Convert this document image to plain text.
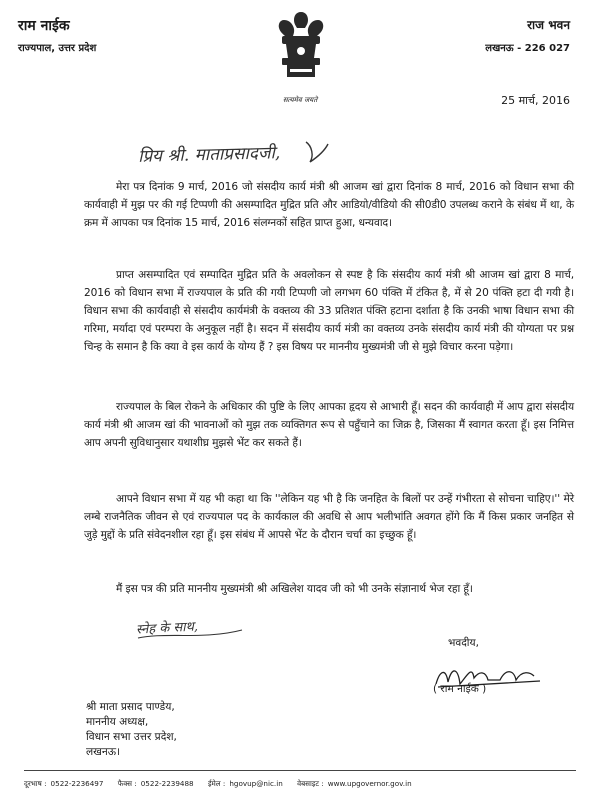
राम नाईक
राज्यपाल, उत्तर प्रदेश
राज भवन
लखनऊ - 226 027
सत्यमेव जयते	25 मार्च, 2016
प्रिय श्री. माताप्रसादजी,
मेरा पत्र दिनांक 9 मार्च, 2016 जो संसदीय कार्य मंत्री श्री आजम खां द्वारा दिनांक 8 मार्च, 2016 को विधान सभा की कार्यवाही में मुझ पर की गई टिप्पणी की असम्पादित मुद्रित प्रति और आडियो/वीडियो की सी0डी0 उपलब्ध कराने के संबंध में था, के क्रम में आपका पत्र दिनांक 15 मार्च, 2016 संलग्नकों सहित प्राप्त हुआ, धन्यवाद।
प्राप्त असम्पादित एवं सम्पादित मुद्रित प्रति के अवलोकन से स्पष्ट है कि संसदीय कार्य मंत्री श्री आजम खां द्वारा 8 मार्च, 2016 को विधान सभा में राज्यपाल के प्रति की गयी टिप्पणी जो लगभग 60 पंक्ति में टंकित है, में से 20 पंक्ति हटा दी गयी है। विधान सभा की कार्यवाही से संसदीय कार्यमंत्री के वक्तव्य की 33 प्रतिशत पंक्ति हटाना दर्शाता है कि उनकी भाषा विधान सभा की गरिमा, मर्यादा एवं परम्परा के अनुकूल नहीं है। सदन में संसदीय कार्य मंत्री का वक्तव्य उनके संसदीय कार्य मंत्री की योग्यता पर प्रश्न चिन्ह के समान है कि क्या वे इस कार्य के योग्य हैं ? इस विषय पर माननीय मुख्यमंत्री जी से मुझे विचार करना पड़ेगा।
राज्यपाल के बिल रोकने के अधिकार की पुष्टि के लिए आपका हृदय से आभारी हूँ। सदन की कार्यवाही में आप द्वारा संसदीय कार्य मंत्री श्री आजम खां की भावनाओं को मुझ तक व्यक्तिगत रूप से पहुँचाने का जिक्र है, जिसका मैं स्वागत करता हूँ। इस निमित्त आप अपनी सुविधानुसार यथाशीघ्र मुझसे भेंट कर सकते हैं।
आपने विधान सभा में यह भी कहा था कि ''लेकिन यह भी है कि जनहित के बिलों पर उन्हें गंभीरता से सोचना चाहिए।'' मेरे लम्बे राजनैतिक जीवन से एवं राज्यपाल पद के कार्यकाल की अवधि से आप भलीभांति अवगत होंगे कि मैं किस प्रकार जनहित से जुड़े मुद्दों के प्रति संवेदनशील रहा हूँ। इस संबंध में आपसे भेंट के दौरान चर्चा का इच्छुक हूँ।
मैं इस पत्र की प्रति माननीय मुख्यमंत्री श्री अखिलेश यादव जी को भी उनके संज्ञानार्थ भेज रहा हूँ।
स्नेह के साथ,
भवदीय,
( राम नाईक )
श्री माता प्रसाद पाण्डेय,
माननीय अध्यक्ष,
विधान सभा उत्तर प्रदेश,
लखनऊ।
दूरभाष : 0522-2236497 फैक्स : 0522-2239488 ईमेल : hgovup@nic.in वेबसाइट : www.upgovernor.gov.in
